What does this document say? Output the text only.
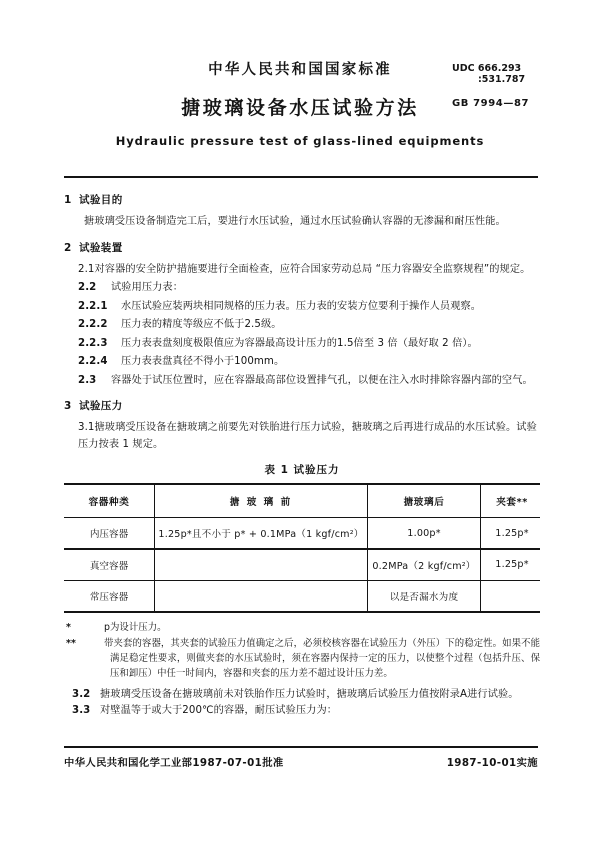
中华人民共和国国家标准
搪玻璃设备水压试验方法
Hydraulic pressure test of glass-lined equipments
UDC 666.293
:531.787
GB 7994—87
1 试验目的
搪玻璃受压设备制造完工后，要进行水压试验，通过水压试验确认容器的无渗漏和耐压性能。
2 试验装置
2.1对容器的安全防护措施要进行全面检查，应符合国家劳动总局 “压力容器安全监察规程”的规定。
2.2 试验用压力表：
2.2.1 水压试验应装两块相同规格的压力表。压力表的安装方位要利于操作人员观察。
2.2.2 压力表的精度等级应不低于2.5级。
2.2.3 压力表表盘刻度极限值应为容器最高设计压力的1.5倍至 3 倍（最好取 2 倍）。
2.2.4 压力表表盘真径不得小于100mm。
2.3 容器处于试压位置时，应在容器最高部位设置排气孔，以便在注入水时排除容器内部的空气。
3 试验压力
3.1搪玻璃受压设备在搪玻璃之前要先对铁胎进行压力试验，搪玻璃之后再进行成品的水压试验。试验压力按表 1 规定。
表 1 试验压力
容器种类	搪 玻 璃 前	搪玻璃后	夹套**
内压容器	1.25p*且不小于 p* + 0.1MPa（1 kgf/cm²）	1.00p*	1.25p*
真空容器		0.2MPa（2 kgf/cm²）	1.25p*
常压容器		以是否漏水为度	
*	p为设计压力。
**	带夹套的容器，其夹套的试验压力值确定之后，必须校核容器在试验压力（外压）下的稳定性。如果不能满足稳定性要求，则做夹套的水压试验时，须在容器内保持一定的压力，以使整个过程（包括升压、保压和卸压）中任一时间内，容器和夹套的压力差不超过设计压力差。
3.2 搪玻璃受压设备在搪玻璃前未对铁胎作压力试验时，搪玻璃后试验压力值按附录A进行试验。
3.3 对壁温等于或大于200℃的容器，耐压试验压力为：
中华人民共和国化学工业部1987-07-01批准	1987-10-01实施
